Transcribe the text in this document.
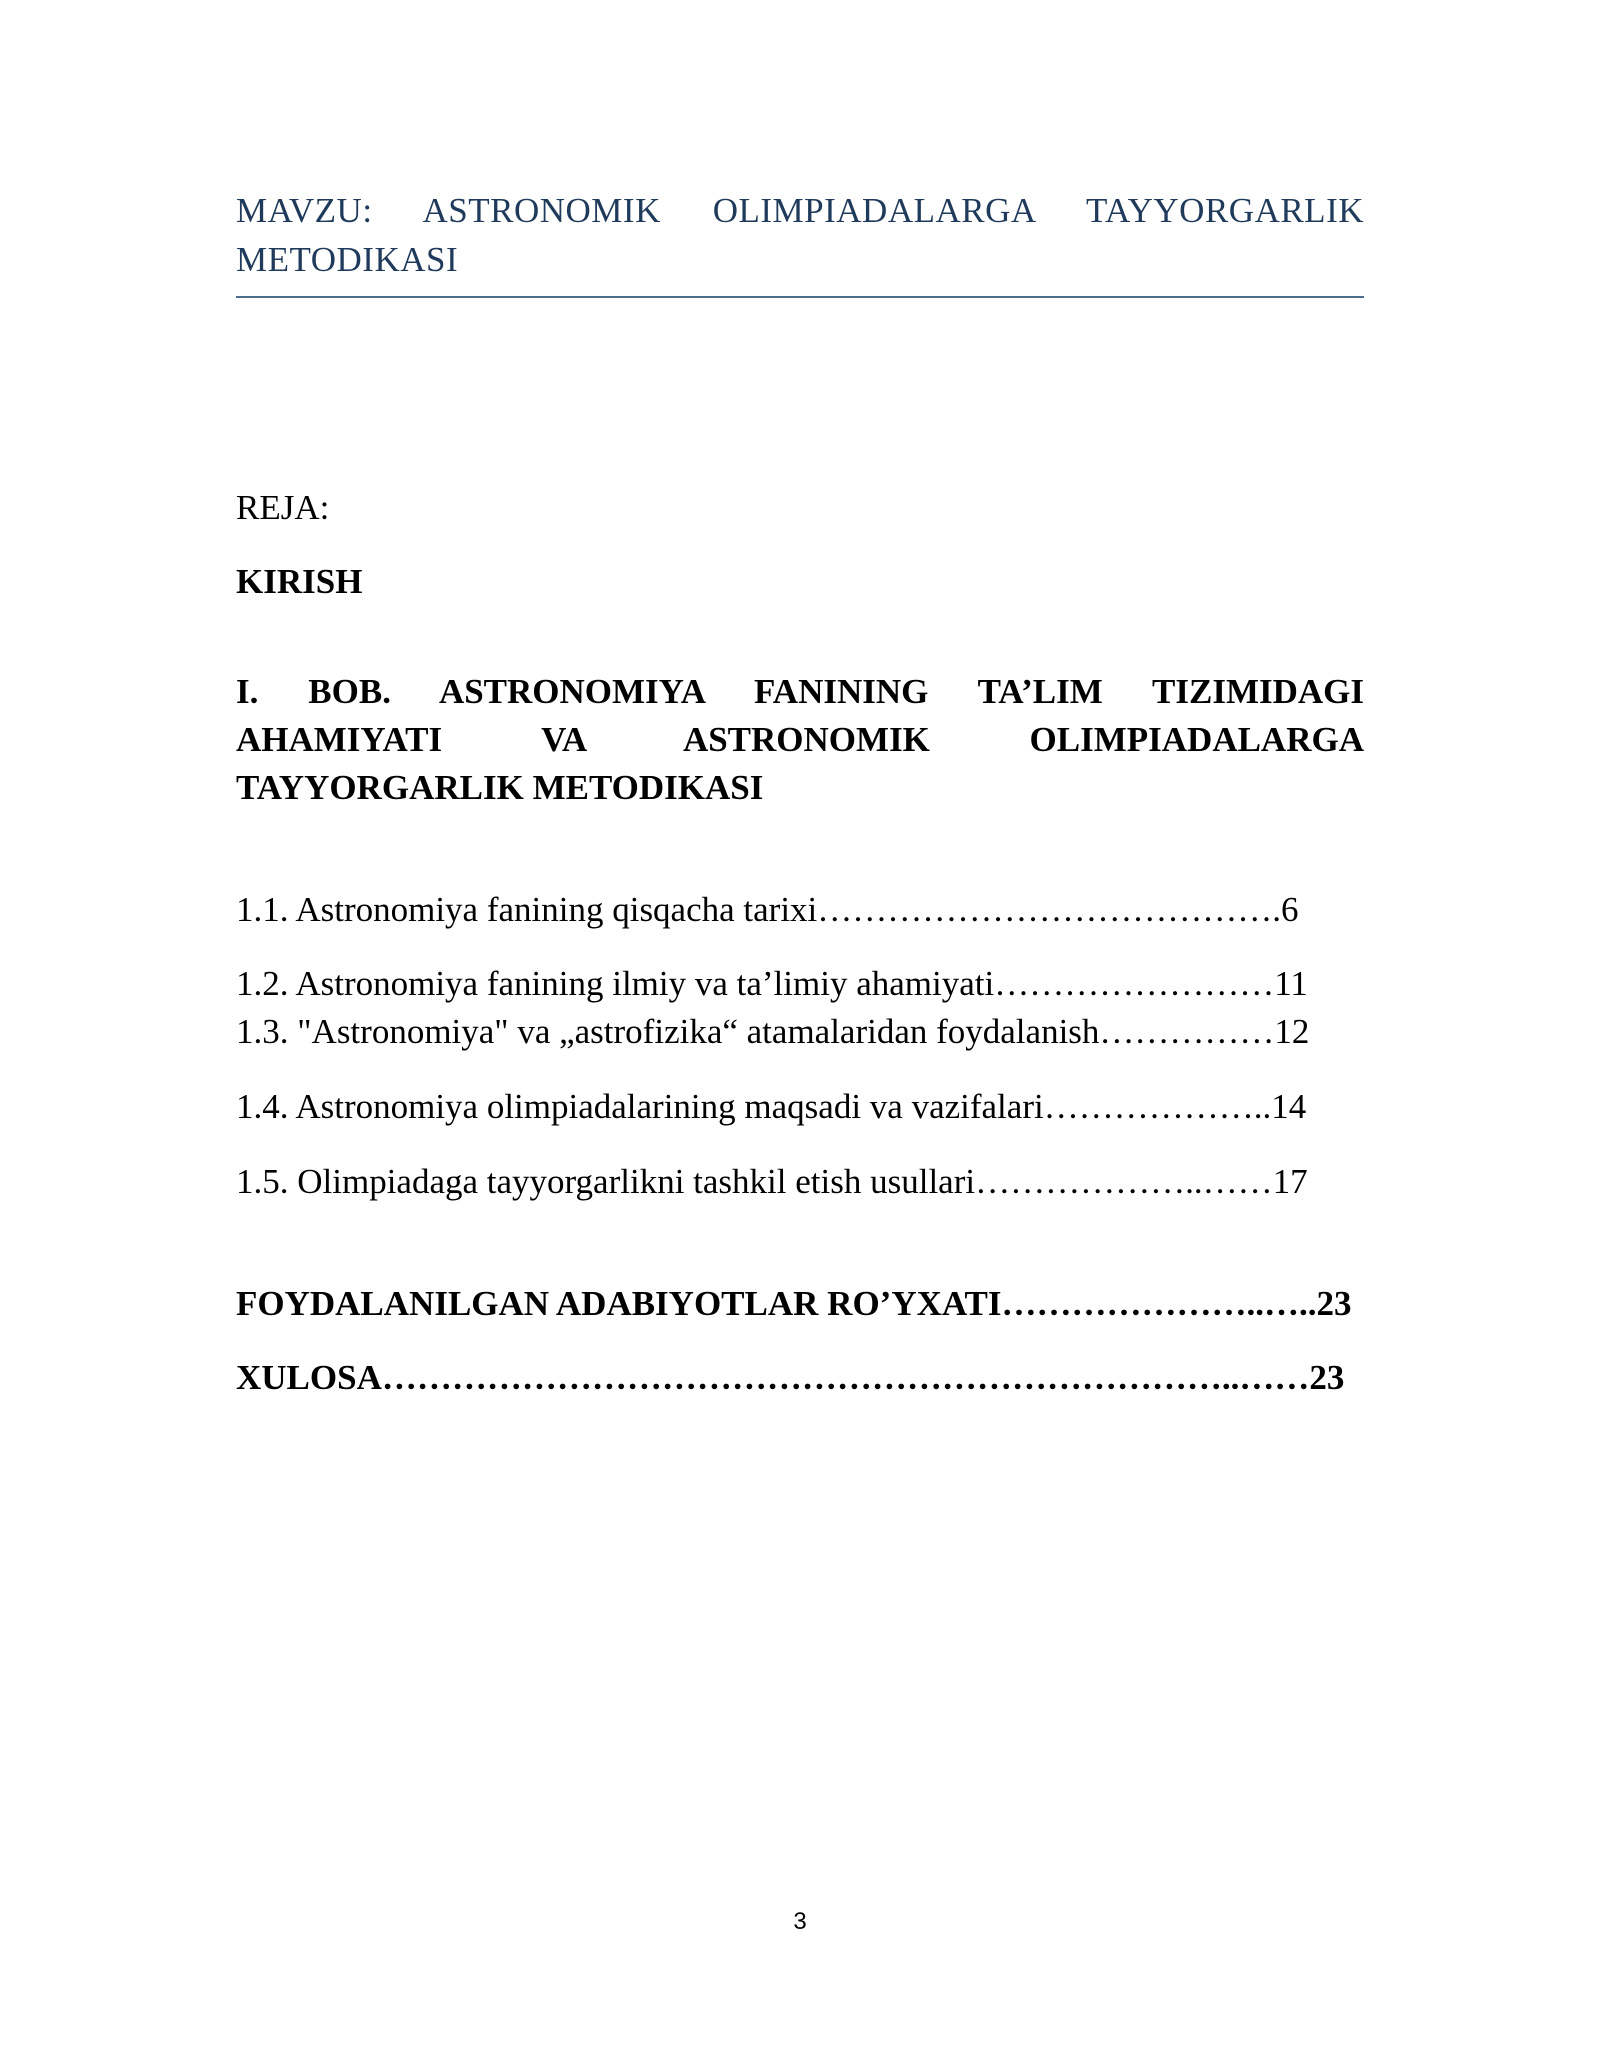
MAVZU: ASTRONOMIK OLIMPIADALARGA TAYYORGARLIK METODIKASI
REJA:
KIRISH
I. BOB. ASTRONOMIYA FANINING TA’LIM TIZIMIDAGI AHAMIYATI VA ASTRONOMIK OLIMPIADALARGA TAYYORGARLIK METODIKASI
1.1. Astronomiya fanining qisqacha tarixi………………………………….6
1.2. Astronomiya fanining ilmiy va ta’limiy ahamiyati……………………11
1.3. "Astronomiya" va „astrofizika“ atamalaridan foydalanish……………12
1.4. Astronomiya olimpiadalarining maqsadi va vazifalari………………..14
1.5. Olimpiadaga tayyorgarlikni tashkil etish usullari………………..……17
FOYDALANILGAN ADABIYOTLAR RO’YXATI…………………..…..23
XULOSA………………………………………………………………..……23
3
